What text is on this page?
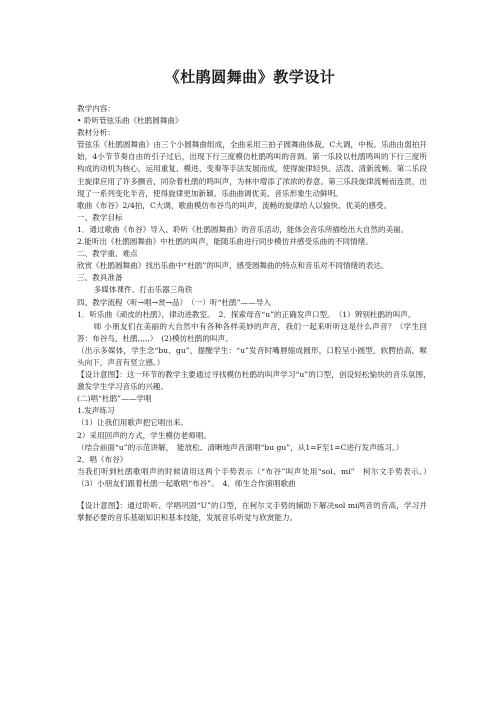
《杜鹃圆舞曲》教学设计

教学内容：

• 聆听管弦乐曲《杜鹃圆舞曲》

教材分析：

管弦乐《杜鹃圆舞曲》由三个小圆舞曲组成，全曲采用三拍子圆舞曲体裁，C大调，中板。乐曲由弱拍开始，4小节节奏自由的引子过后，出现下行三度模仿杜鹃鸣叫的音调。第一乐段以杜鹃鸣叫的下行三度所构成的动机为核心，运用重复、模进、变奏等手法发展而成，使得旋律轻快、活泼、清新流畅。第二乐段主旋律应用了许多颤音，同杂着杜鹃的鸣叫声，为林中增添了浓浓的春意。第三乐段旋律流畅而连贯，出现了一系列变化半音，使得旋律更加新颖。乐曲曲调优美、音乐形象生动鲜明。

歌曲《布谷》2/4拍，C大调，歌曲模仿布谷鸟的叫声，流畅的旋律给人以愉快、优美的感受。

一、教学目标

1．通过歌曲《布谷》导入、聆听《杜鹃圆舞曲》的音乐活动，能体会音乐所描绘出大自然的美丽。

2.能听出《杜鹃圆舞曲》中杜鹃的叫声，能随乐曲进行同步模仿并感受乐曲的不同情绪。

二、教学重、难点

欣赏《杜鹃圆舞曲》找出乐曲中“杜鹃”的叫声，感受圆舞曲的特点和音乐对不同情绪的表达。

三、教具准备

多媒体课件、打击乐器三角铁

四、教学流程（听→唱→赏→品）　（一）听“杜鹃”——导入

1．听乐曲《顽皮的杜鹃》，律动进教室。　2．探索母音“u”的正确发声口型。　（1）辨别杜鹃的叫声。

师 小朋友们在美丽的大自然中有各种各样美妙的声音，我们一起来听听这是什么声音？（学生回答：布谷鸟，杜鹃,,,,,）　(2)模仿杜鹃的叫声。

（出示多媒体，学生念“bu、gu”，提醒学生：“u”发音时嘴唇缩成圆形，口腔呈小圆型，软腭抬高，喉头向下，声音有竖立感。）

【设计意图】：这一环节的教学主要通过寻找模仿杜鹃的叫声学习“u”的口型，创设轻松愉快的音乐氛围，　激发学生学习音乐的兴趣。

(二)唱“杜鹃”——学唱

1.发声练习

（1）让我们用歌声把它唱出来。

2）采用回声的方式，学生模仿老师唱。

（结合前面“u”的示范讲解，　能放松、清晰地声音演唱“bu gu”，从1=F至1=C进行发声练习。）

2．唱《布谷》

当我们听到杜鹃歌唱声的时候请用这两个手势表示（“布谷”叫声处用“sol、mi”　柯尔文手势表示。）　（3）小朋友们跟着杜鹃一起歌唱“布谷”。　4．师生合作演唱歌曲

【设计意图】：通过聆听、学唱巩固“U”的口型，在柯尔文手势的辅助下解决sol mi两音的音高，学习并掌握必要的音乐基础知识和基本技能，发展音乐听觉与欣赏能力。
